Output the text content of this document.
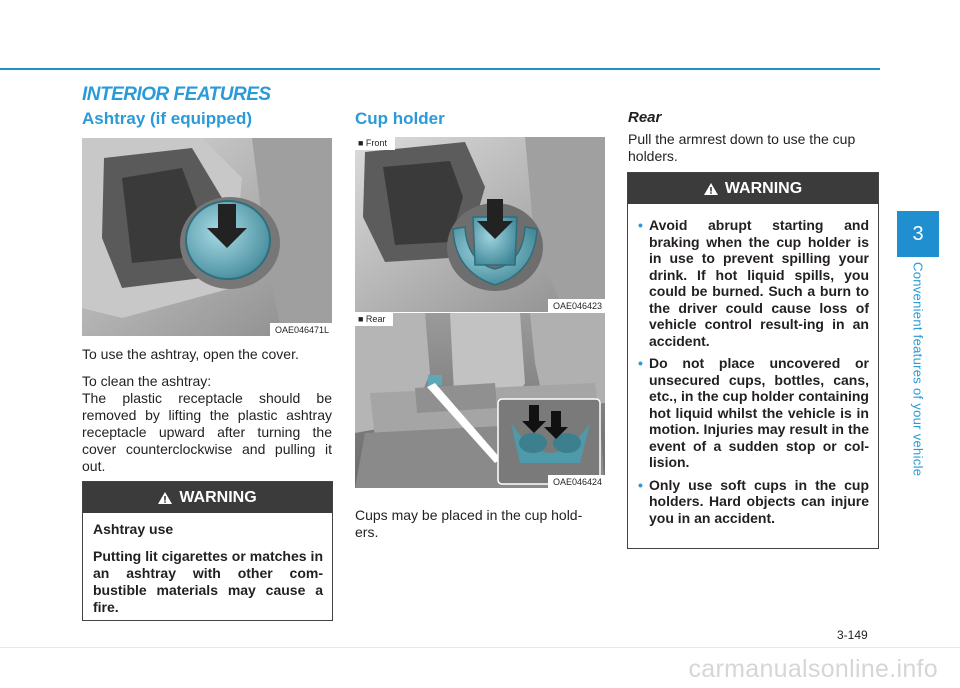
INTERIOR FEATURES
Ashtray (if equipped)
OAE046471L

To use the ashtray, open the cover.

To clean the ashtray:

The plastic receptacle should be removed by lifting the plastic ashtray receptacle upward after turning the cover counterclockwise and pulling it out.

WARNING

Ashtray use

Putting lit cigarettes or matches in an ashtray with other com-bustible materials may cause a fire.

Cup holder
■ Front
OAE046423
■ Rear
OAE046424

Cups may be placed in the cup hold-ers.

Rear

Pull the armrest down to use the cup holders.

WARNING
• Avoid abrupt starting and braking when the cup holder is in use to prevent spilling your drink. If hot liquid spills, you could be burned. Such a burn to the driver could cause loss of vehicle control result-ing in an accident.
• Do not place uncovered or unsecured cups, bottles, cans, etc., in the cup holder containing hot liquid whilst the vehicle is in motion. Injuries may result in the event of a sudden stop or col-lision.
• Only use soft cups in the cup holders. Hard objects can injure you in an accident.
3
Convenient features of your vehicle
3-149
carmanualsonline.info
